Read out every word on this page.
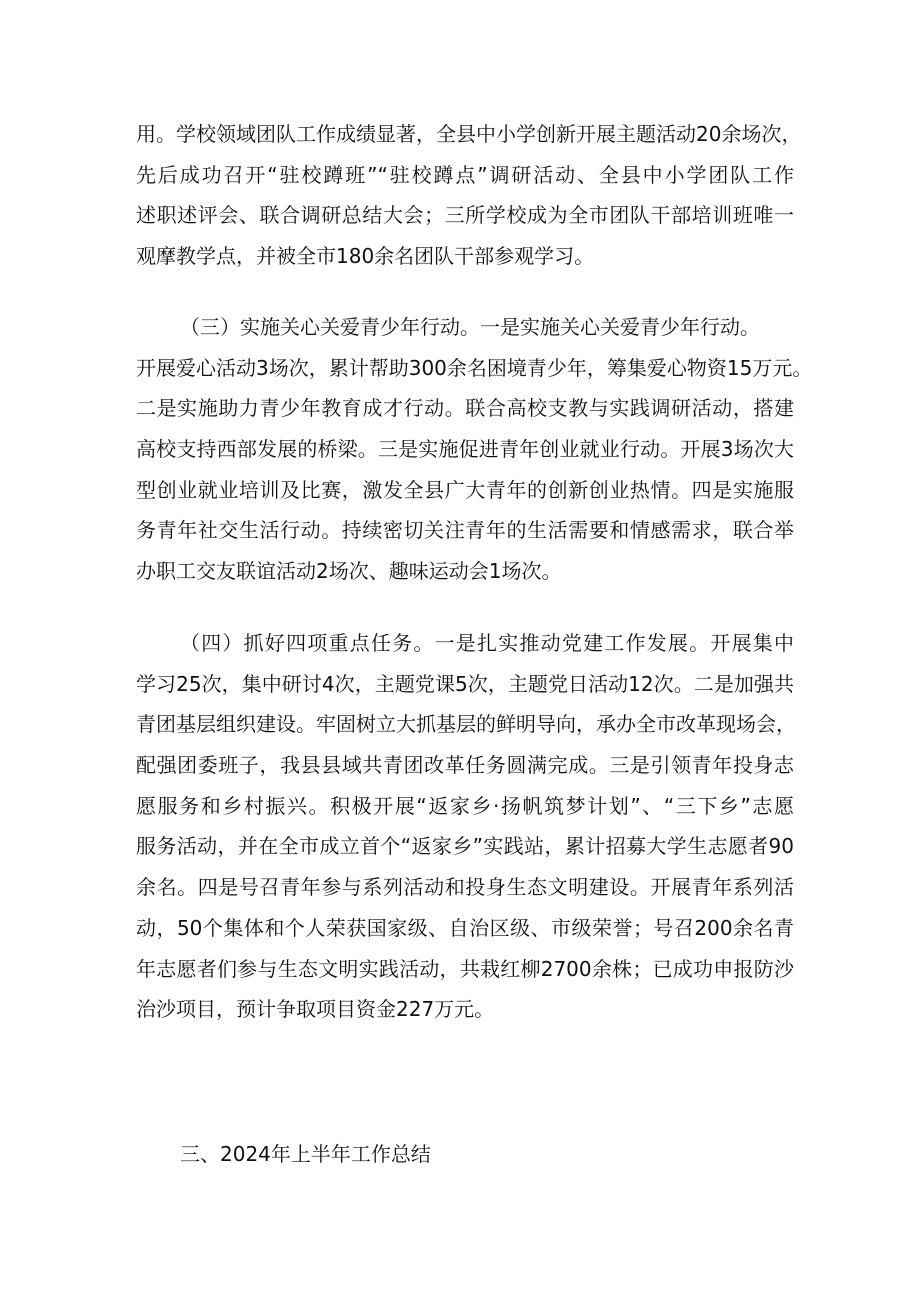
用。学校领域团队工作成绩显著，全县中小学创新开展主题活动20余场次，
先后成功召开“驻校蹲班”“驻校蹲点”调研活动、全县中小学团队工作
述职述评会、联合调研总结大会；三所学校成为全市团队干部培训班唯一
观摩教学点，并被全市180余名团队干部参观学习。
（三）实施关心关爱青少年行动。一是实施关心关爱青少年行动。
开展爱心活动3场次，累计帮助300余名困境青少年，筹集爱心物资15万元。
二是实施助力青少年教育成才行动。联合高校支教与实践调研活动，搭建
高校支持西部发展的桥梁。三是实施促进青年创业就业行动。开展3场次大
型创业就业培训及比赛，激发全县广大青年的创新创业热情。四是实施服
务青年社交生活行动。持续密切关注青年的生活需要和情感需求，联合举
办职工交友联谊活动2场次、趣味运动会1场次。
（四）抓好四项重点任务。一是扎实推动党建工作发展。开展集中
学习25次，集中研讨4次，主题党课5次，主题党日活动12次。二是加强共
青团基层组织建设。牢固树立大抓基层的鲜明导向，承办全市改革现场会，
配强团委班子，我县县域共青团改革任务圆满完成。三是引领青年投身志
愿服务和乡村振兴。积极开展“返家乡·扬帆筑梦计划”、“三下乡”志愿
服务活动，并在全市成立首个“返家乡”实践站，累计招募大学生志愿者90
余名。四是号召青年参与系列活动和投身生态文明建设。开展青年系列活
动，50个集体和个人荣获国家级、自治区级、市级荣誉；号召200余名青
年志愿者们参与生态文明实践活动，共栽红柳2700余株；已成功申报防沙
治沙项目，预计争取项目资金227万元。
三、2024年上半年工作总结
